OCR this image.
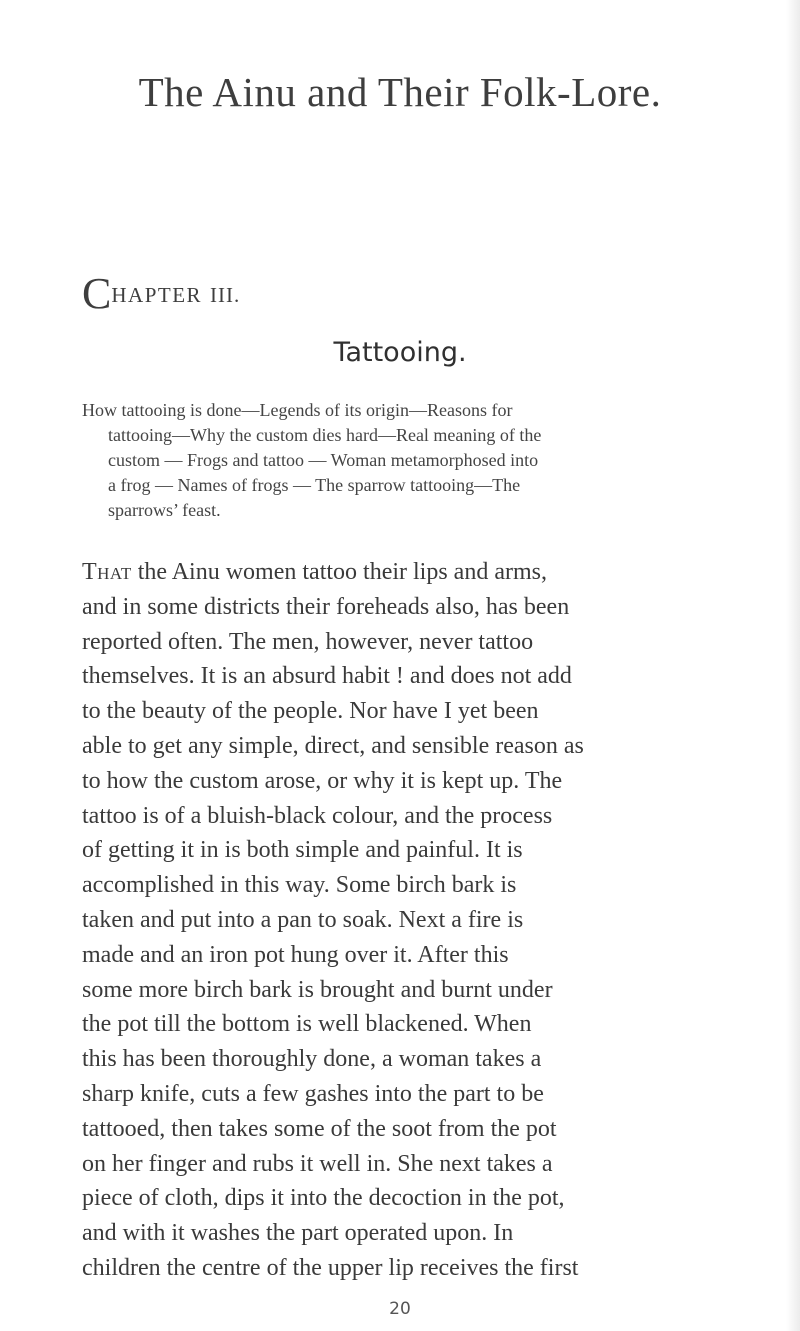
The Ainu and Their Folk-Lore.
CHAPTER III.
Tattooing.

How tattooing is done—Legends of its origin—Reasons for
tattooing—Why the custom dies hard—Real meaning of the
custom — Frogs and tattoo — Woman metamorphosed into
a frog — Names of frogs — The sparrow tattooing—The
sparrows’ feast.

That the Ainu women tattoo their lips and arms,
and in some districts their foreheads also, has been
reported often. The men, however, never tattoo
themselves. It is an absurd habit ! and does not add
to the beauty of the people. Nor have I yet been
able to get any simple, direct, and sensible reason as
to how the custom arose, or why it is kept up. The
tattoo is of a bluish-black colour, and the process
of getting it in is both simple and painful. It is
accomplished in this way. Some birch bark is
taken and put into a pan to soak. Next a fire is
made and an iron pot hung over it. After this
some more birch bark is brought and burnt under
the pot till the bottom is well blackened. When
this has been thoroughly done, a woman takes a
sharp knife, cuts a few gashes into the part to be
tattooed, then takes some of the soot from the pot
on her finger and rubs it well in. She next takes a
piece of cloth, dips it into the decoction in the pot,
and with it washes the part operated upon. In
children the centre of the upper lip receives the first

20
